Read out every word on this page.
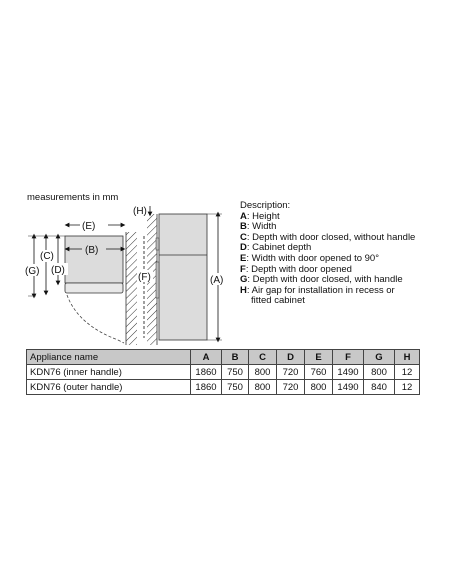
measurements in mm
(E)
(B)
(G)
(C)
(D)
(H)
(F)	(A)
Description:
A: Height
B: Width
C: Depth with door closed, without handle
D: Cabinet depth
E: Width with door opened to 90°
F: Depth with door opened
G: Depth with door closed, with handle
H: Air gap for installation in recess or
fitted cabinet
Appliance name	A	B	C	D	E	F	G	H
KDN76 (inner handle)	1860	750	800	720	760	1490	800	12
KDN76 (outer handle)	1860	750	800	720	800	1490	840	12
